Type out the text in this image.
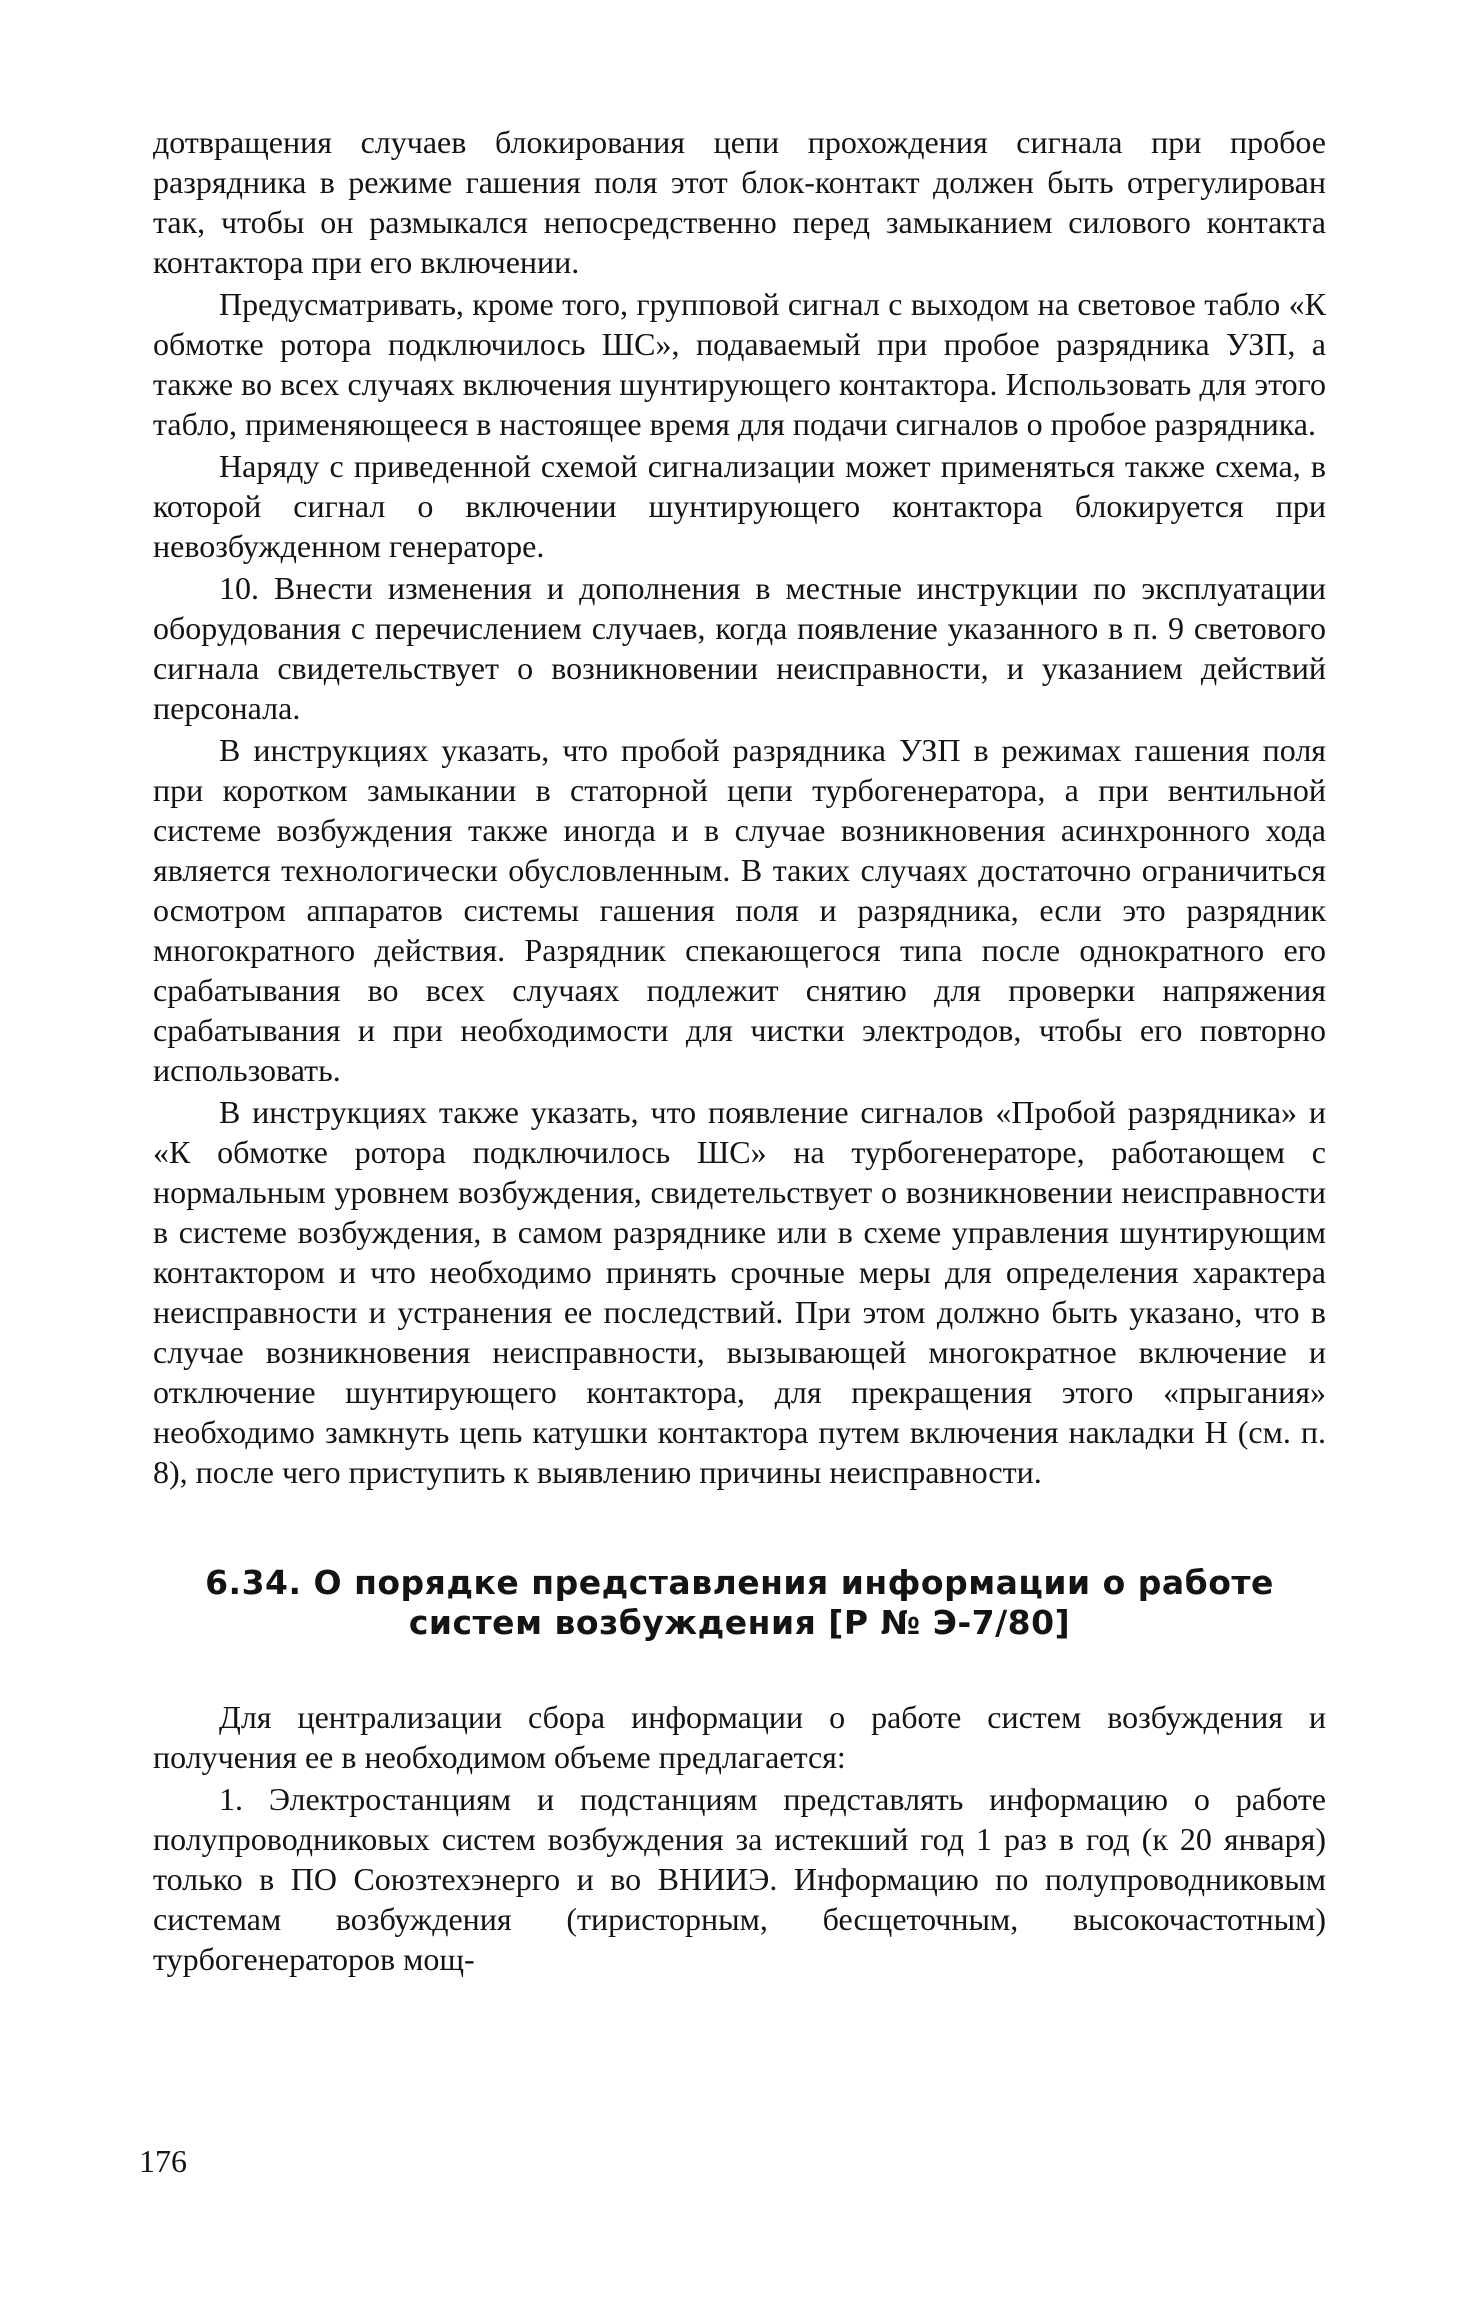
дотвращения случаев блокирования цепи прохождения сигнала при пробое разрядника в режиме гашения поля этот блок-контакт должен быть отрегулирован так, чтобы он размыкался непосредственно перед замыканием силового контакта контактора при его включении.

Предусматривать, кроме того, групповой сигнал с выходом на световое табло «К обмотке ротора подключилось ШС», подаваемый при пробое разрядника УЗП, а также во всех случаях включения шунтирующего контактора. Использовать для этого табло, применяющееся в настоящее время для подачи сигналов о пробое разрядника.

Наряду с приведенной схемой сигнализации может применяться также схема, в которой сигнал о включении шунтирующего контактора блокируется при невозбужденном генераторе.

10. Внести изменения и дополнения в местные инструкции по эксплуатации оборудования с перечислением случаев, когда появление указанного в п. 9 светового сигнала свидетельствует о возникновении неисправности, и указанием действий персонала.

В инструкциях указать, что пробой разрядника УЗП в режимах гашения поля при коротком замыкании в статорной цепи турбогенератора, а при вентильной системе возбуждения также иногда и в случае возникновения асинхронного хода является технологически обусловленным. В таких случаях достаточно ограничиться осмотром аппаратов системы гашения поля и разрядника, если это разрядник многократного действия. Разрядник спекающегося типа после однократного его срабатывания во всех случаях подлежит снятию для проверки напряжения срабатывания и при необходимости для чистки электродов, чтобы его повторно использовать.

В инструкциях также указать, что появление сигналов «Пробой разрядника» и «К обмотке ротора подключилось ШС» на турбогенераторе, работающем с нормальным уровнем возбуждения, свидетельствует о возникновении неисправности в системе возбуждения, в самом разряднике или в схеме управления шунтирующим контактором и что необходимо принять срочные меры для определения характера неисправности и устранения ее последствий. При этом должно быть указано, что в случае возникновения неисправности, вызывающей многократное включение и отключение шунтирующего контактора, для прекращения этого «прыгания» необходимо замкнуть цепь катушки контактора путем включения накладки Н (см. п. 8), после чего приступить к выявлению причины неисправности.

6.34. О порядке представления информации о работе систем возбуждения [Р № Э-7/80]

Для централизации сбора информации о работе систем возбуждения и получения ее в необходимом объеме предлагается:

1. Электростанциям и подстанциям представлять информацию о работе полупроводниковых систем возбуждения за истекший год 1 раз в год (к 20 января) только в ПО Союзтехэнерго и во ВНИИЭ. Информацию по полупроводниковым системам возбуждения (тиристорным, бесщеточным, высокочастотным) турбогенераторов мощ-

176
